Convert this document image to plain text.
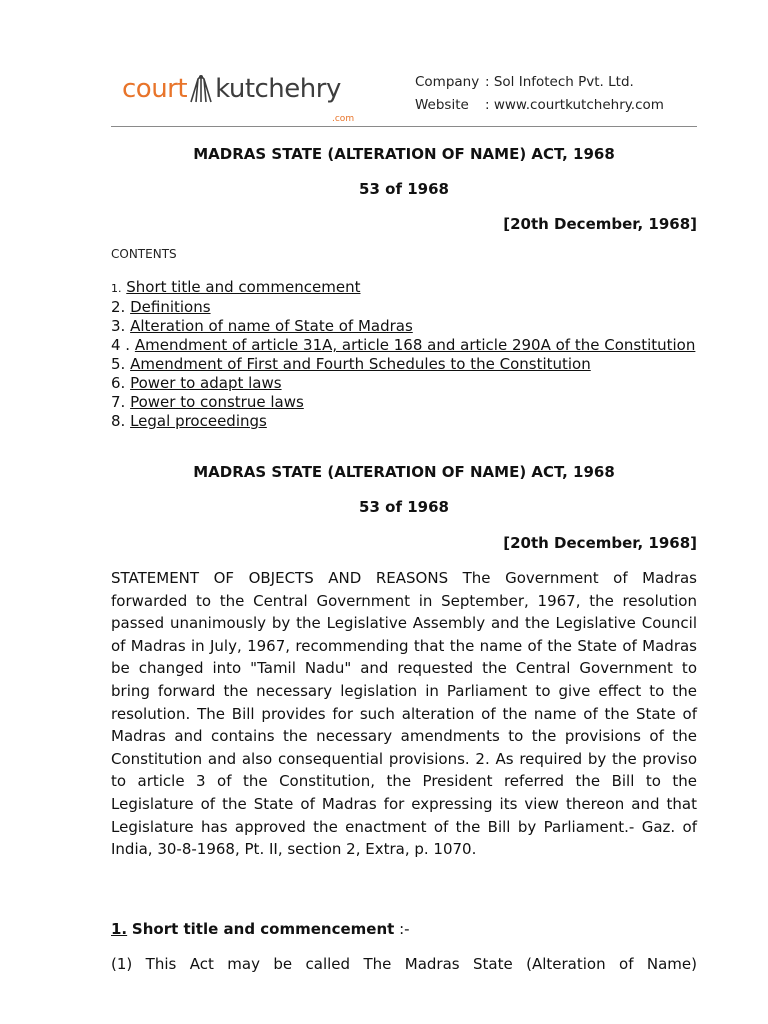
court kutchehry
.com
Company : Sol Infotech Pvt. Ltd.
Website : www.courtkutchehry.com
MADRAS STATE (ALTERATION OF NAME) ACT, 1968
53 of 1968
[20th December, 1968]
CONTENTS
1. Short title and commencement
2. Definitions
3. Alteration of name of State of Madras
4 . Amendment of article 31A, article 168 and article 290A of the Constitution
5. Amendment of First and Fourth Schedules to the Constitution
6. Power to adapt laws
7. Power to construe laws
8. Legal proceedings
MADRAS STATE (ALTERATION OF NAME) ACT, 1968
53 of 1968
[20th December, 1968]
STATEMENT OF OBJECTS AND REASONS The Government of Madras forwarded to the Central Government in September, 1967, the resolution passed unanimously by the Legislative Assembly and the Legislative Council of Madras in July, 1967, recommending that the name of the State of Madras be changed into "Tamil Nadu" and requested the Central Government to bring forward the necessary legislation in Parliament to give effect to the resolution. The Bill provides for such alteration of the name of the State of Madras and contains the necessary amendments to the provisions of the Constitution and also consequential provisions. 2. As required by the proviso to article 3 of the Constitution, the President referred the Bill to the Legislature of the State of Madras for expressing its view thereon and that Legislature has approved the enactment of the Bill by Parliament.- Gaz. of India, 30-8-1968, Pt. II, section 2, Extra, p. 1070.
1. Short title and commencement :-
(1) This Act may be called The Madras State (Alteration of Name)
